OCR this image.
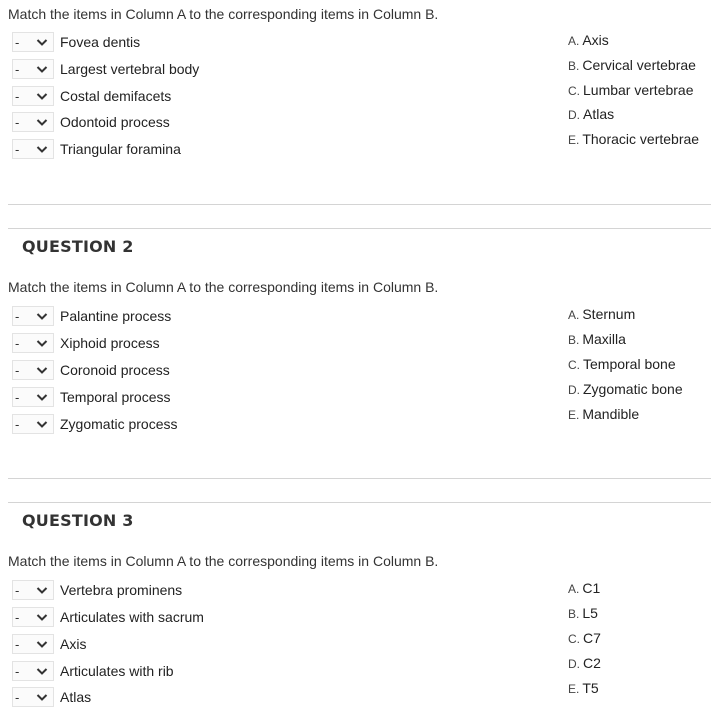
Match the items in Column A to the corresponding items in Column B.
-	Fovea dentis
-	Largest vertebral body
-	Costal demifacets
-	Odontoid process
-	Triangular foramina
A. Axis
B. Cervical vertebrae
C. Lumbar vertebrae
D. Atlas
E. Thoracic vertebrae
QUESTION 2
Match the items in Column A to the corresponding items in Column B.
-	Palantine process
-	Xiphoid process
-	Coronoid process
-	Temporal process
-	Zygomatic process
A. Sternum
B. Maxilla
C. Temporal bone
D. Zygomatic bone
E. Mandible
QUESTION 3
Match the items in Column A to the corresponding items in Column B.
-	Vertebra prominens
-	Articulates with sacrum
-	Axis
-	Articulates with rib
-	Atlas
A. C1
B. L5
C. C7
D. C2
E. T5
